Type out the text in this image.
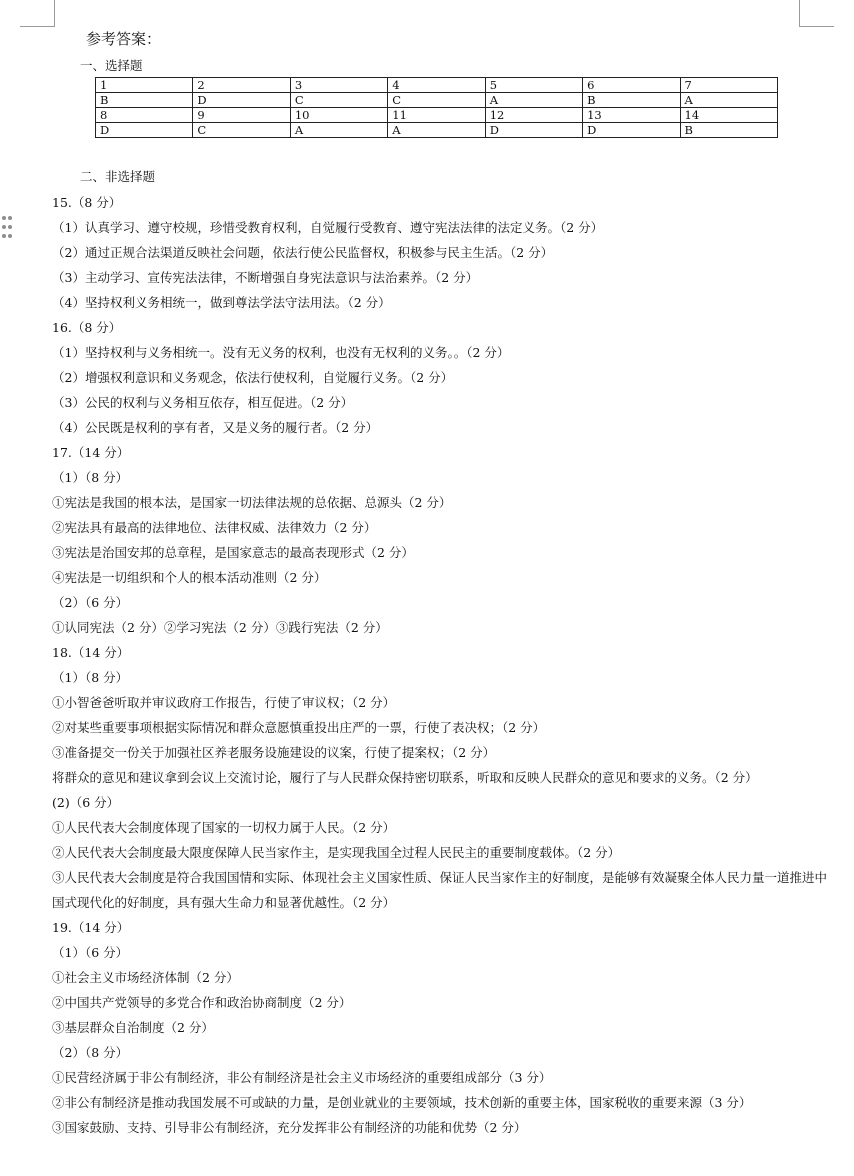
参考答案：
一、选择题
1	2	3	4	5	6	7
B	D	C	C	A	B	A
8	9	10	11	12	13	14
D	C	A	A	D	D	B
二、非选择题
15.（8 分）
（1）认真学习、遵守校规，珍惜受教育权利，自觉履行受教育、遵守宪法法律的法定义务。（2 分）
（2）通过正规合法渠道反映社会问题，依法行使公民监督权，积极参与民主生活。（2 分）
（3）主动学习、宣传宪法法律，不断增强自身宪法意识与法治素养。（2 分）
（4）坚持权利义务相统一，做到尊法学法守法用法。（2 分）
16.（8 分）
（1）坚持权利与义务相统一。没有无义务的权利，也没有无权利的义务。。（2 分）
（2）增强权利意识和义务观念，依法行使权利，自觉履行义务。（2 分）
（3）公民的权利与义务相互依存，相互促进。（2 分）
（4）公民既是权利的享有者，又是义务的履行者。（2 分）
17.（14 分）
（1）（8 分）
①宪法是我国的根本法，是国家一切法律法规的总依据、总源头（2 分）
②宪法具有最高的法律地位、法律权威、法律效力（2 分）
③宪法是治国安邦的总章程，是国家意志的最高表现形式（2 分）
④宪法是一切组织和个人的根本活动准则（2 分）
（2）（6 分）
①认同宪法（2 分）②学习宪法（2 分）③践行宪法（2 分）
18.（14 分）
（1）（8 分）
①小智爸爸听取并审议政府工作报告，行使了审议权；（2 分）
②对某些重要事项根据实际情况和群众意愿慎重投出庄严的一票，行使了表决权；（2 分）
③准备提交一份关于加强社区养老服务设施建设的议案，行使了提案权；（2 分）
将群众的意见和建议拿到会议上交流讨论，履行了与人民群众保持密切联系，听取和反映人民群众的意见和要求的义务。（2 分）
(2)（6 分）
①人民代表大会制度体现了国家的一切权力属于人民。（2 分）
②人民代表大会制度最大限度保障人民当家作主，是实现我国全过程人民民主的重要制度载体。（2 分）
③人民代表大会制度是符合我国国情和实际、体现社会主义国家性质、保证人民当家作主的好制度，是能够有效凝聚全体人民力量一道推进中国式现代化的好制度，具有强大生命力和显著优越性。（2 分）
19.（14 分）
（1）（6 分）
①社会主义市场经济体制（2 分）
②中国共产党领导的多党合作和政治协商制度（2 分）
③基层群众自治制度（2 分）
（2）（8 分）
①民营经济属于非公有制经济，非公有制经济是社会主义市场经济的重要组成部分（3 分）
②非公有制经济是推动我国发展不可或缺的力量，是创业就业的主要领域，技术创新的重要主体，国家税收的重要来源（3 分）
③国家鼓励、支持、引导非公有制经济，充分发挥非公有制经济的功能和优势（2 分）
